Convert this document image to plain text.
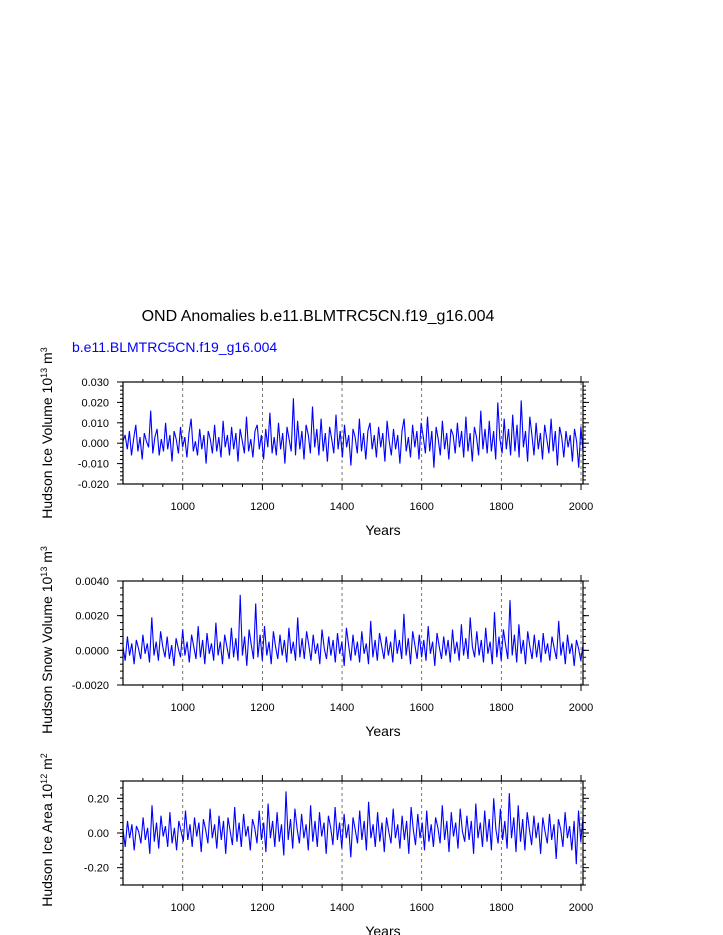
OND Anomalies b.e11.BLMTRC5CN.f19_g16.004
b.e11.BLMTRC5CN.f19_g16.004
1000	1200	1400	1600	1800	2000
0.030
0.020
0.010
0.000
-0.010
-0.020
Years
Hudson Ice Volume $10^{13}$ $m^3$
1000	1200	1400	1600	1800	2000
0.0040
0.0020
0.0000
-0.0020
Years
Hudson Snow Volume $10^{13}$ $m^3$
1000	1200	1400	1600	1800	2000
0.20
0.00
-0.20
Years
Hudson Ice Area $10^{12}$ $m^2$
